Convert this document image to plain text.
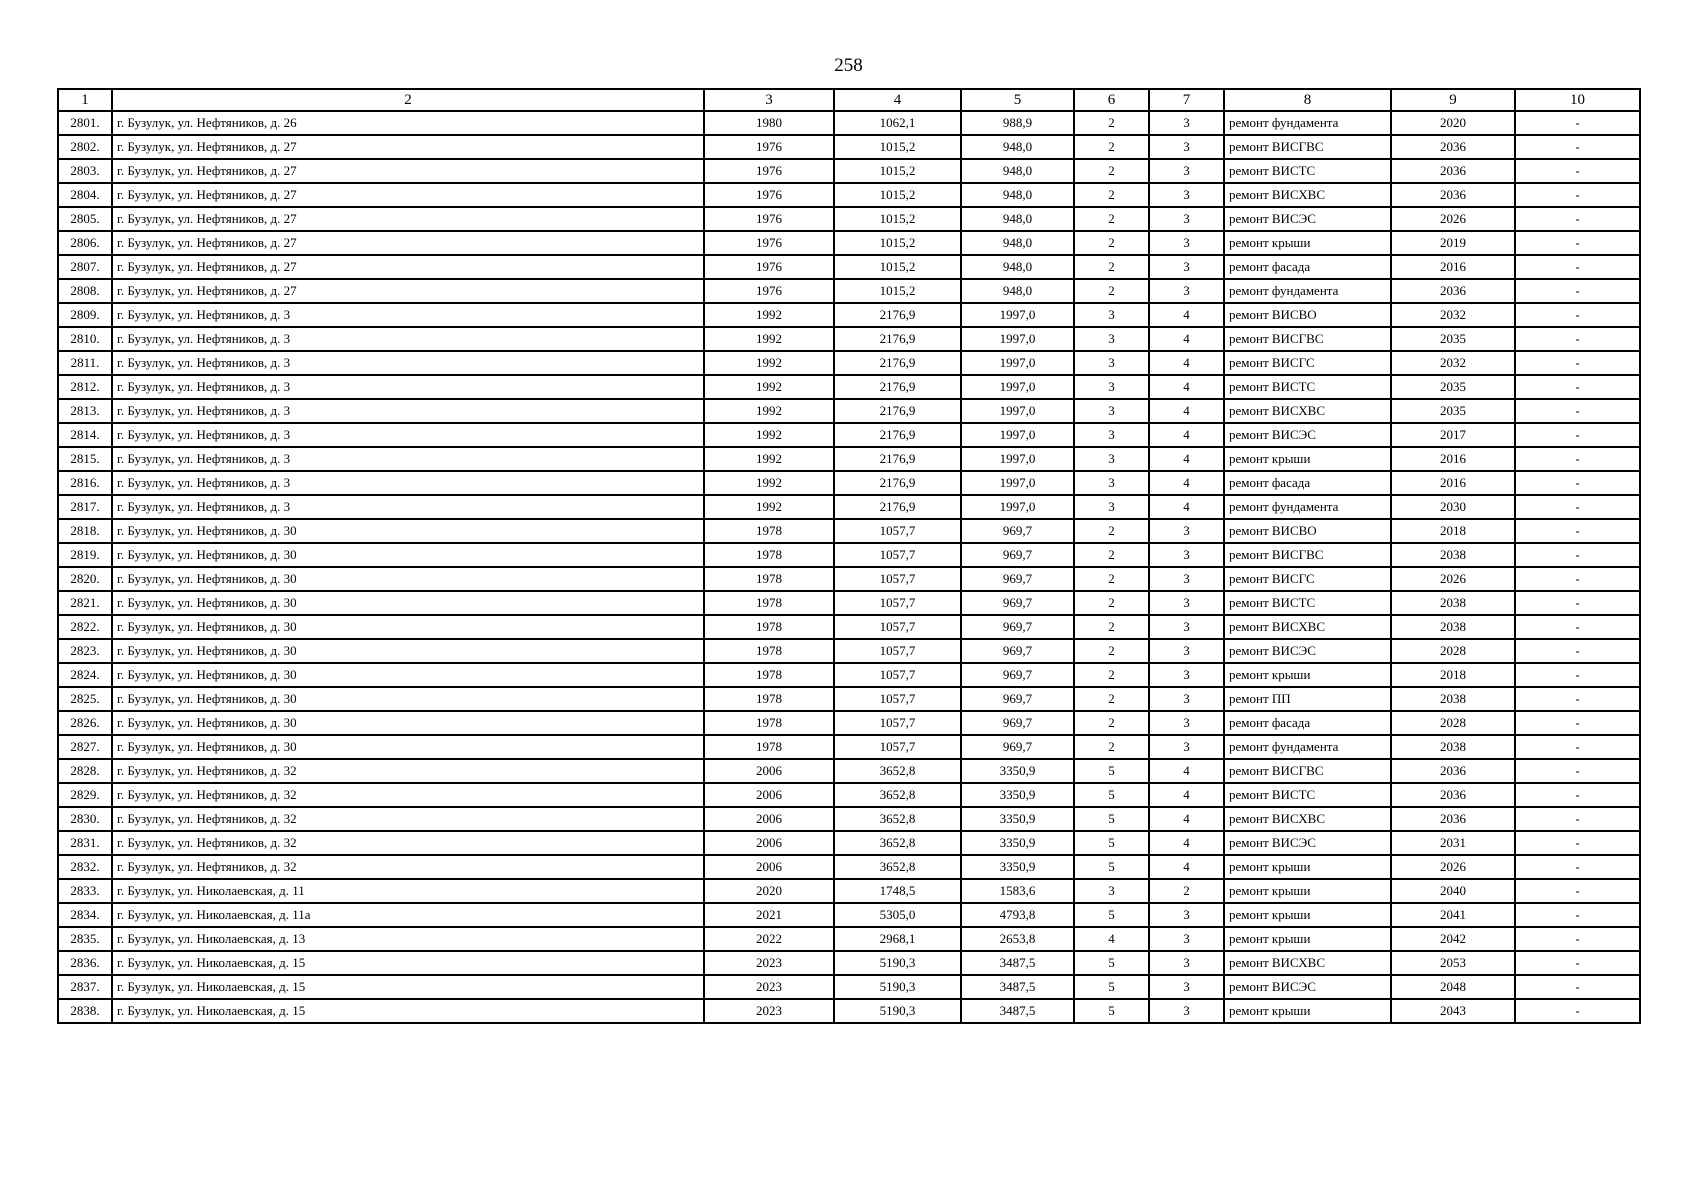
258
1	2	3	4	5	6	7	8	9	10
2801.	г. Бузулук, ул. Нефтяников, д. 26	1980	1062,1	988,9	2	3	ремонт фундамента	2020	-
2802.	г. Бузулук, ул. Нефтяников, д. 27	1976	1015,2	948,0	2	3	ремонт ВИСГВС	2036	-
2803.	г. Бузулук, ул. Нефтяников, д. 27	1976	1015,2	948,0	2	3	ремонт ВИСТС	2036	-
2804.	г. Бузулук, ул. Нефтяников, д. 27	1976	1015,2	948,0	2	3	ремонт ВИСХВС	2036	-
2805.	г. Бузулук, ул. Нефтяников, д. 27	1976	1015,2	948,0	2	3	ремонт ВИСЭС	2026	-
2806.	г. Бузулук, ул. Нефтяников, д. 27	1976	1015,2	948,0	2	3	ремонт крыши	2019	-
2807.	г. Бузулук, ул. Нефтяников, д. 27	1976	1015,2	948,0	2	3	ремонт фасада	2016	-
2808.	г. Бузулук, ул. Нефтяников, д. 27	1976	1015,2	948,0	2	3	ремонт фундамента	2036	-
2809.	г. Бузулук, ул. Нефтяников, д. 3	1992	2176,9	1997,0	3	4	ремонт ВИСВО	2032	-
2810.	г. Бузулук, ул. Нефтяников, д. 3	1992	2176,9	1997,0	3	4	ремонт ВИСГВС	2035	-
2811.	г. Бузулук, ул. Нефтяников, д. 3	1992	2176,9	1997,0	3	4	ремонт ВИСГС	2032	-
2812.	г. Бузулук, ул. Нефтяников, д. 3	1992	2176,9	1997,0	3	4	ремонт ВИСТС	2035	-
2813.	г. Бузулук, ул. Нефтяников, д. 3	1992	2176,9	1997,0	3	4	ремонт ВИСХВС	2035	-
2814.	г. Бузулук, ул. Нефтяников, д. 3	1992	2176,9	1997,0	3	4	ремонт ВИСЭС	2017	-
2815.	г. Бузулук, ул. Нефтяников, д. 3	1992	2176,9	1997,0	3	4	ремонт крыши	2016	-
2816.	г. Бузулук, ул. Нефтяников, д. 3	1992	2176,9	1997,0	3	4	ремонт фасада	2016	-
2817.	г. Бузулук, ул. Нефтяников, д. 3	1992	2176,9	1997,0	3	4	ремонт фундамента	2030	-
2818.	г. Бузулук, ул. Нефтяников, д. 30	1978	1057,7	969,7	2	3	ремонт ВИСВО	2018	-
2819.	г. Бузулук, ул. Нефтяников, д. 30	1978	1057,7	969,7	2	3	ремонт ВИСГВС	2038	-
2820.	г. Бузулук, ул. Нефтяников, д. 30	1978	1057,7	969,7	2	3	ремонт ВИСГС	2026	-
2821.	г. Бузулук, ул. Нефтяников, д. 30	1978	1057,7	969,7	2	3	ремонт ВИСТС	2038	-
2822.	г. Бузулук, ул. Нефтяников, д. 30	1978	1057,7	969,7	2	3	ремонт ВИСХВС	2038	-
2823.	г. Бузулук, ул. Нефтяников, д. 30	1978	1057,7	969,7	2	3	ремонт ВИСЭС	2028	-
2824.	г. Бузулук, ул. Нефтяников, д. 30	1978	1057,7	969,7	2	3	ремонт крыши	2018	-
2825.	г. Бузулук, ул. Нефтяников, д. 30	1978	1057,7	969,7	2	3	ремонт ПП	2038	-
2826.	г. Бузулук, ул. Нефтяников, д. 30	1978	1057,7	969,7	2	3	ремонт фасада	2028	-
2827.	г. Бузулук, ул. Нефтяников, д. 30	1978	1057,7	969,7	2	3	ремонт фундамента	2038	-
2828.	г. Бузулук, ул. Нефтяников, д. 32	2006	3652,8	3350,9	5	4	ремонт ВИСГВС	2036	-
2829.	г. Бузулук, ул. Нефтяников, д. 32	2006	3652,8	3350,9	5	4	ремонт ВИСТС	2036	-
2830.	г. Бузулук, ул. Нефтяников, д. 32	2006	3652,8	3350,9	5	4	ремонт ВИСХВС	2036	-
2831.	г. Бузулук, ул. Нефтяников, д. 32	2006	3652,8	3350,9	5	4	ремонт ВИСЭС	2031	-
2832.	г. Бузулук, ул. Нефтяников, д. 32	2006	3652,8	3350,9	5	4	ремонт крыши	2026	-
2833.	г. Бузулук, ул. Николаевская, д. 11	2020	1748,5	1583,6	3	2	ремонт крыши	2040	-
2834.	г. Бузулук, ул. Николаевская, д. 11а	2021	5305,0	4793,8	5	3	ремонт крыши	2041	-
2835.	г. Бузулук, ул. Николаевская, д. 13	2022	2968,1	2653,8	4	3	ремонт крыши	2042	-
2836.	г. Бузулук, ул. Николаевская, д. 15	2023	5190,3	3487,5	5	3	ремонт ВИСХВС	2053	-
2837.	г. Бузулук, ул. Николаевская, д. 15	2023	5190,3	3487,5	5	3	ремонт ВИСЭС	2048	-
2838.	г. Бузулук, ул. Николаевская, д. 15	2023	5190,3	3487,5	5	3	ремонт крыши	2043	-
